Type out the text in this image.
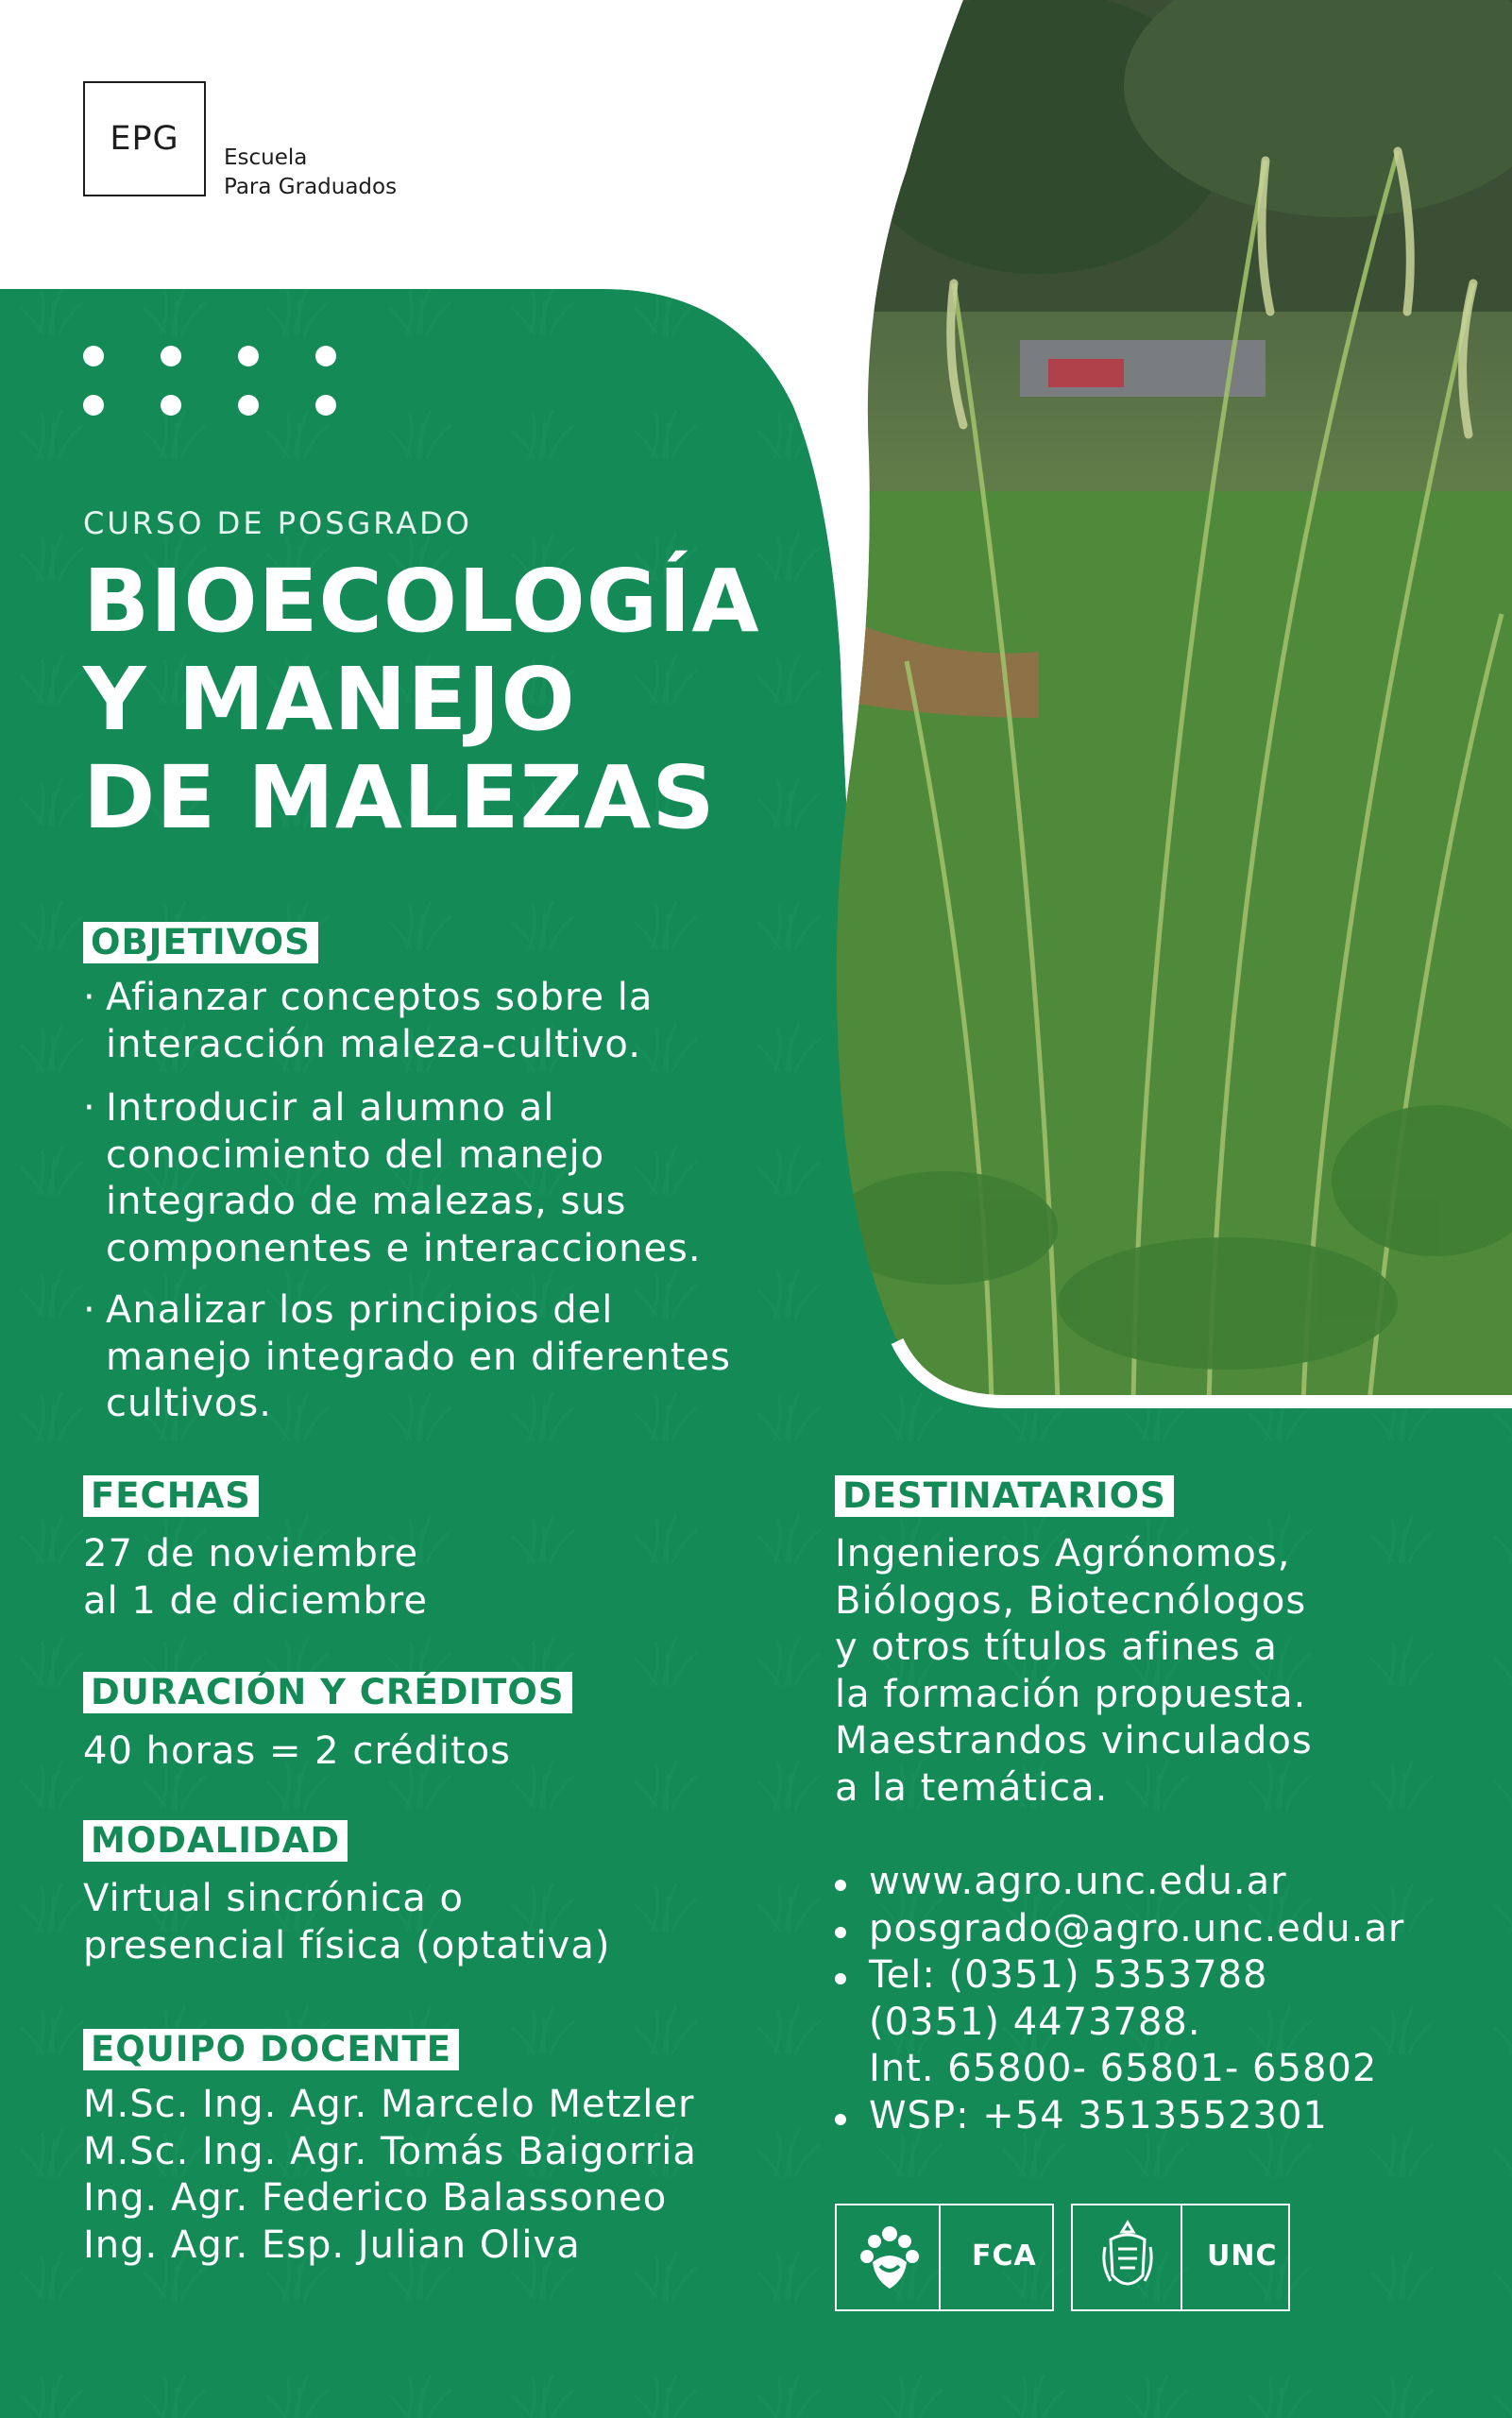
EPG Escuela
Para Graduados
CURSO DE POSGRADO
BIOECOLOGÍA
Y MANEJO
DE MALEZAS
OBJETIVOS
· Afianzar conceptos sobre la
interacción maleza-cultivo.
· Introducir al alumno al
conocimiento del manejo
integrado de malezas, sus
componentes e interacciones.
· Analizar los principios del
manejo integrado en diferentes
cultivos.
FECHAS
27 de noviembre
al 1 de diciembre
DURACIÓN Y CRÉDITOS
40 horas = 2 créditos
MODALIDAD
Virtual sincrónica o
presencial física (optativa)
EQUIPO DOCENTE
M.Sc. Ing. Agr. Marcelo Metzler
M.Sc. Ing. Agr. Tomás Baigorria
Ing. Agr. Federico Balassoneo
Ing. Agr. Esp. Julian Oliva
DESTINATARIOS
Ingenieros Agrónomos,
Biólogos, Biotecnólogos
y otros títulos afines a
la formación propuesta.
Maestrandos vinculados
a la temática.
www.agro.unc.edu.ar
posgrado@agro.unc.edu.ar
Tel: (0351) 5353788
(0351) 4473788.
Int. 65800- 65801- 65802
WSP: +54 3513552301
FCA	UNC
